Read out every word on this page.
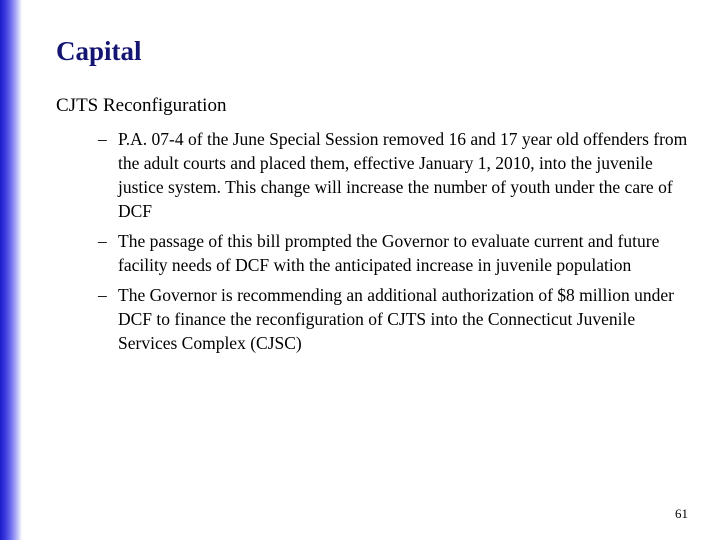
Capital

CJTS Reconfiguration

– P.A. 07-4 of the June Special Session removed 16 and 17 year old offenders from the adult courts and placed them, effective January 1, 2010, into the juvenile justice system. This change will increase the number of youth under the care of DCF
– The passage of this bill prompted the Governor to evaluate current and future facility needs of DCF with the anticipated increase in juvenile population
– The Governor is recommending an additional authorization of $8 million under DCF to finance the reconfiguration of CJTS into the Connecticut Juvenile Services Complex (CJSC)
61
